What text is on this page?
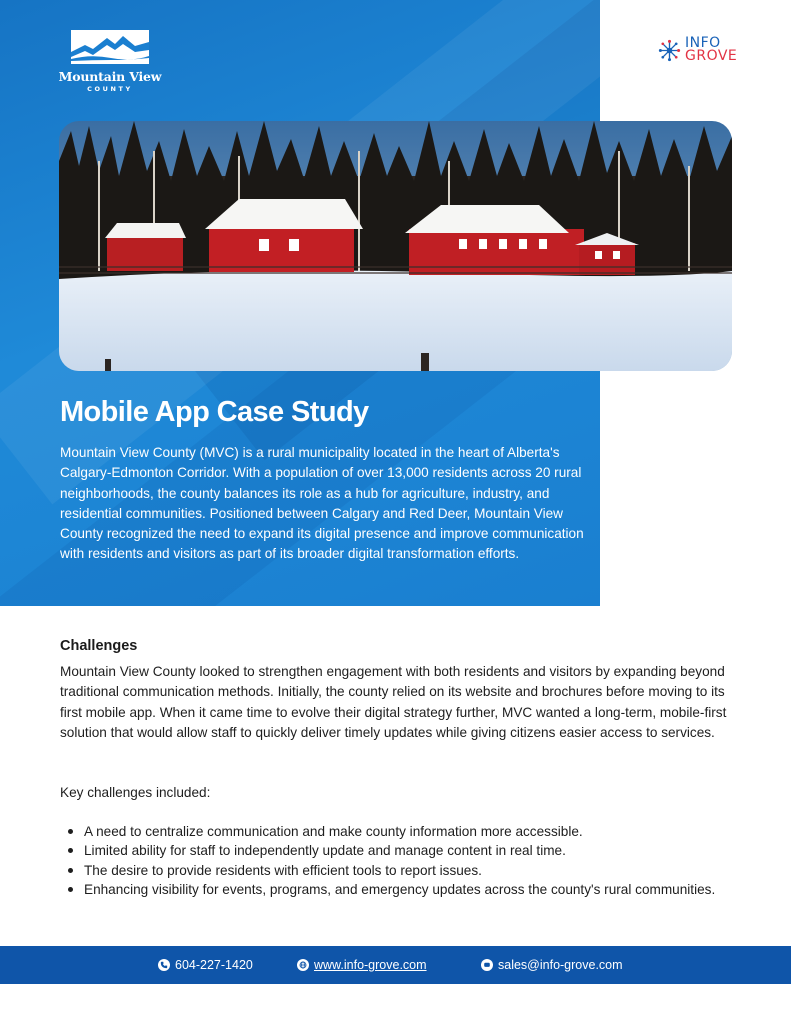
Mountain View
COUNTY
INFO
GROVE
Mobile App Case Study

Mountain View County (MVC) is a rural municipality located in the heart of Alberta's Calgary-Edmonton Corridor. With a population of over 13,000 residents across 20 rural neighborhoods, the county balances its role as a hub for agriculture, industry, and residential communities. Positioned between Calgary and Red Deer, Mountain View County recognized the need to expand its digital presence and improve communication with residents and visitors as part of its broader digital transformation efforts.

Challenges

Mountain View County looked to strengthen engagement with both residents and visitors by expanding beyond traditional communication methods. Initially, the county relied on its website and brochures before moving to its first mobile app. When it came time to evolve their digital strategy further, MVC wanted a long-term, mobile-first solution that would allow staff to quickly deliver timely updates while giving citizens easier access to services.

Key challenges included:
A need to centralize communication and make county information more accessible.
Limited ability for staff to independently update and manage content in real time.
The desire to provide residents with efficient tools to report issues.
Enhancing visibility for events, programs, and emergency updates across the county's rural communities.
604-227-1420	www.info-grove.com	sales@info-grove.com
